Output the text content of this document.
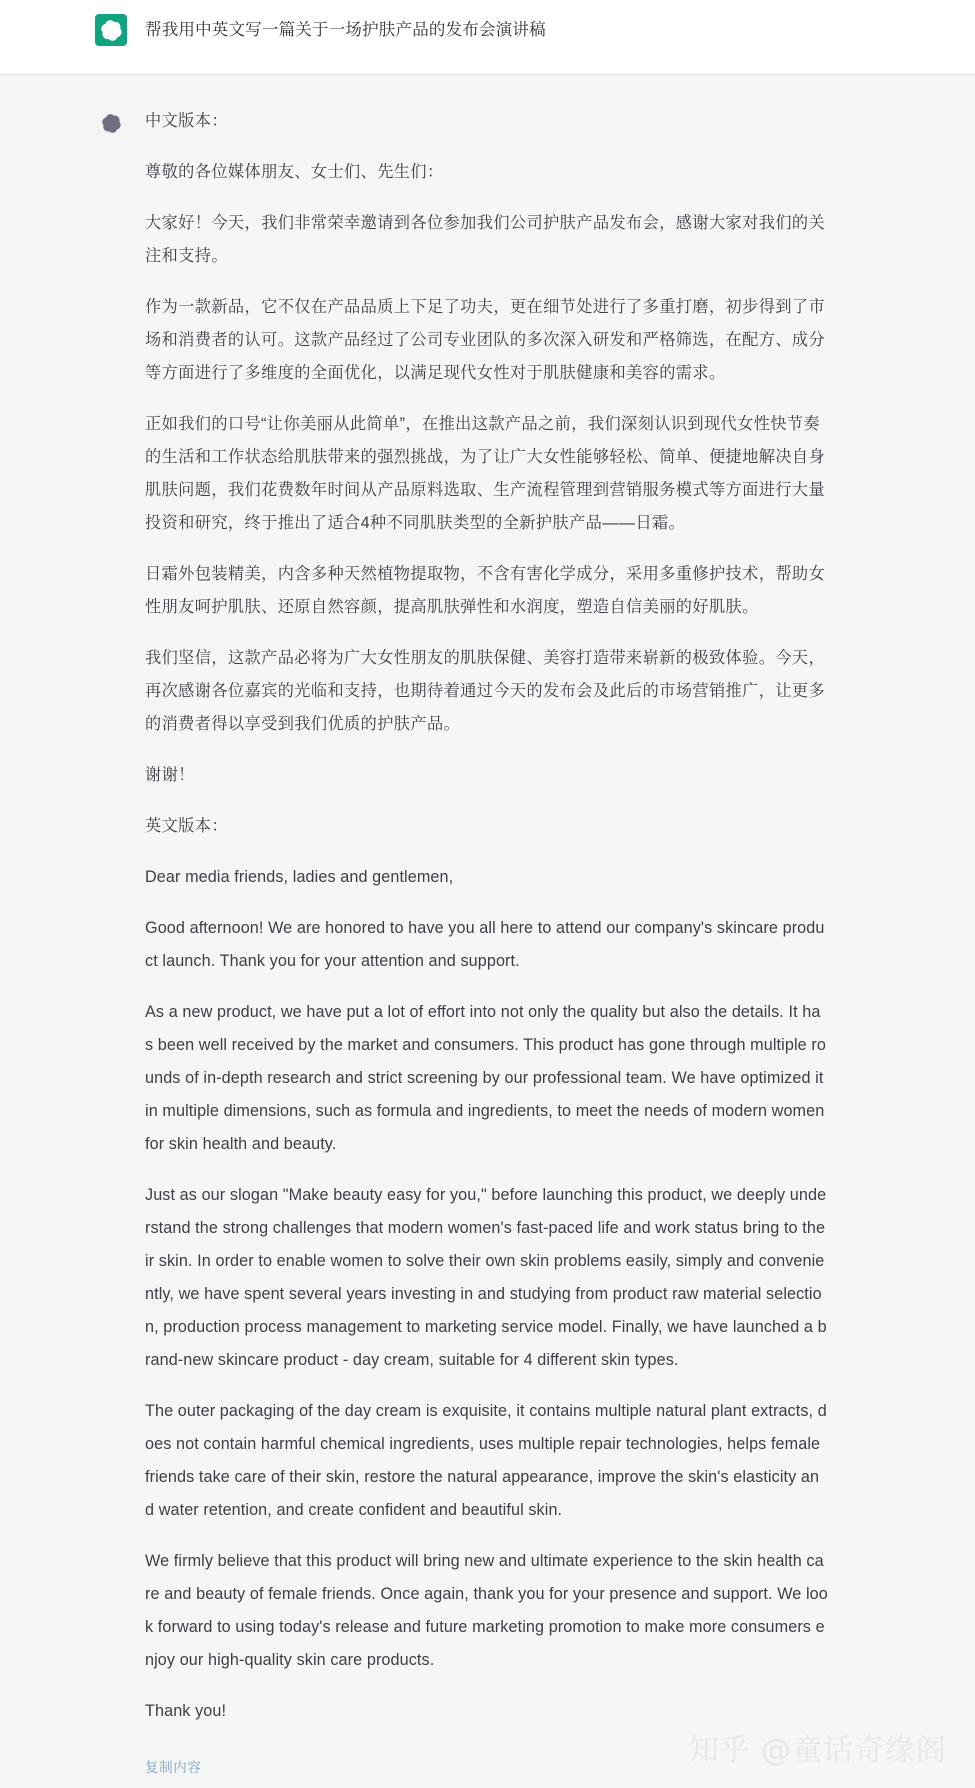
帮我用中英文写一篇关于一场护肤产品的发布会演讲稿

中文版本：

尊敬的各位媒体朋友、女士们、先生们：

大家好！今天，我们非常荣幸邀请到各位参加我们公司护肤产品发布会，感谢大家对我们的关注和支持。

作为一款新品，它不仅在产品品质上下足了功夫，更在细节处进行了多重打磨，初步得到了市场和消费者的认可。这款产品经过了公司专业团队的多次深入研发和严格筛选，在配方、成分等方面进行了多维度的全面优化，以满足现代女性对于肌肤健康和美容的需求。

正如我们的口号“让你美丽从此简单”，在推出这款产品之前，我们深刻认识到现代女性快节奏的生活和工作状态给肌肤带来的强烈挑战，为了让广大女性能够轻松、简单、便捷地解决自身肌肤问题，我们花费数年时间从产品原料选取、生产流程管理到营销服务模式等方面进行大量投资和研究，终于推出了适合4种不同肌肤类型的全新护肤产品——日霜。

日霜外包装精美，内含多种天然植物提取物，不含有害化学成分，采用多重修护技术，帮助女性朋友呵护肌肤、还原自然容颜，提高肌肤弹性和水润度，塑造自信美丽的好肌肤。

我们坚信，这款产品必将为广大女性朋友的肌肤保健、美容打造带来崭新的极致体验。今天，再次感谢各位嘉宾的光临和支持，也期待着通过今天的发布会及此后的市场营销推广，让更多的消费者得以享受到我们优质的护肤产品。

谢谢！

英文版本：

Dear media friends, ladies and gentlemen,

Good afternoon! We are honored to have you all here to attend our company's skincare product launch. Thank you for your attention and support.

As a new product, we have put a lot of effort into not only the quality but also the details. It has been well received by the market and consumers. This product has gone through multiple rounds of in-depth research and strict screening by our professional team. We have optimized it in multiple dimensions, such as formula and ingredients, to meet the needs of modern women for skin health and beauty.

Just as our slogan "Make beauty easy for you," before launching this product, we deeply understand the strong challenges that modern women's fast-paced life and work status bring to their skin. In order to enable women to solve their own skin problems easily, simply and conveniently, we have spent several years investing in and studying from product raw material selection, production process management to marketing service model. Finally, we have launched a brand-new skincare product - day cream, suitable for 4 different skin types.

The outer packaging of the day cream is exquisite, it contains multiple natural plant extracts, does not contain harmful chemical ingredients, uses multiple repair technologies, helps female friends take care of their skin, restore the natural appearance, improve the skin's elasticity and water retention, and create confident and beautiful skin.

We firmly believe that this product will bring new and ultimate experience to the skin health care and beauty of female friends. Once again, thank you for your presence and support. We look forward to using today's release and future marketing promotion to make more consumers enjoy our high-quality skin care products.

Thank you!

复制内容	知乎 @童话奇缘阁
